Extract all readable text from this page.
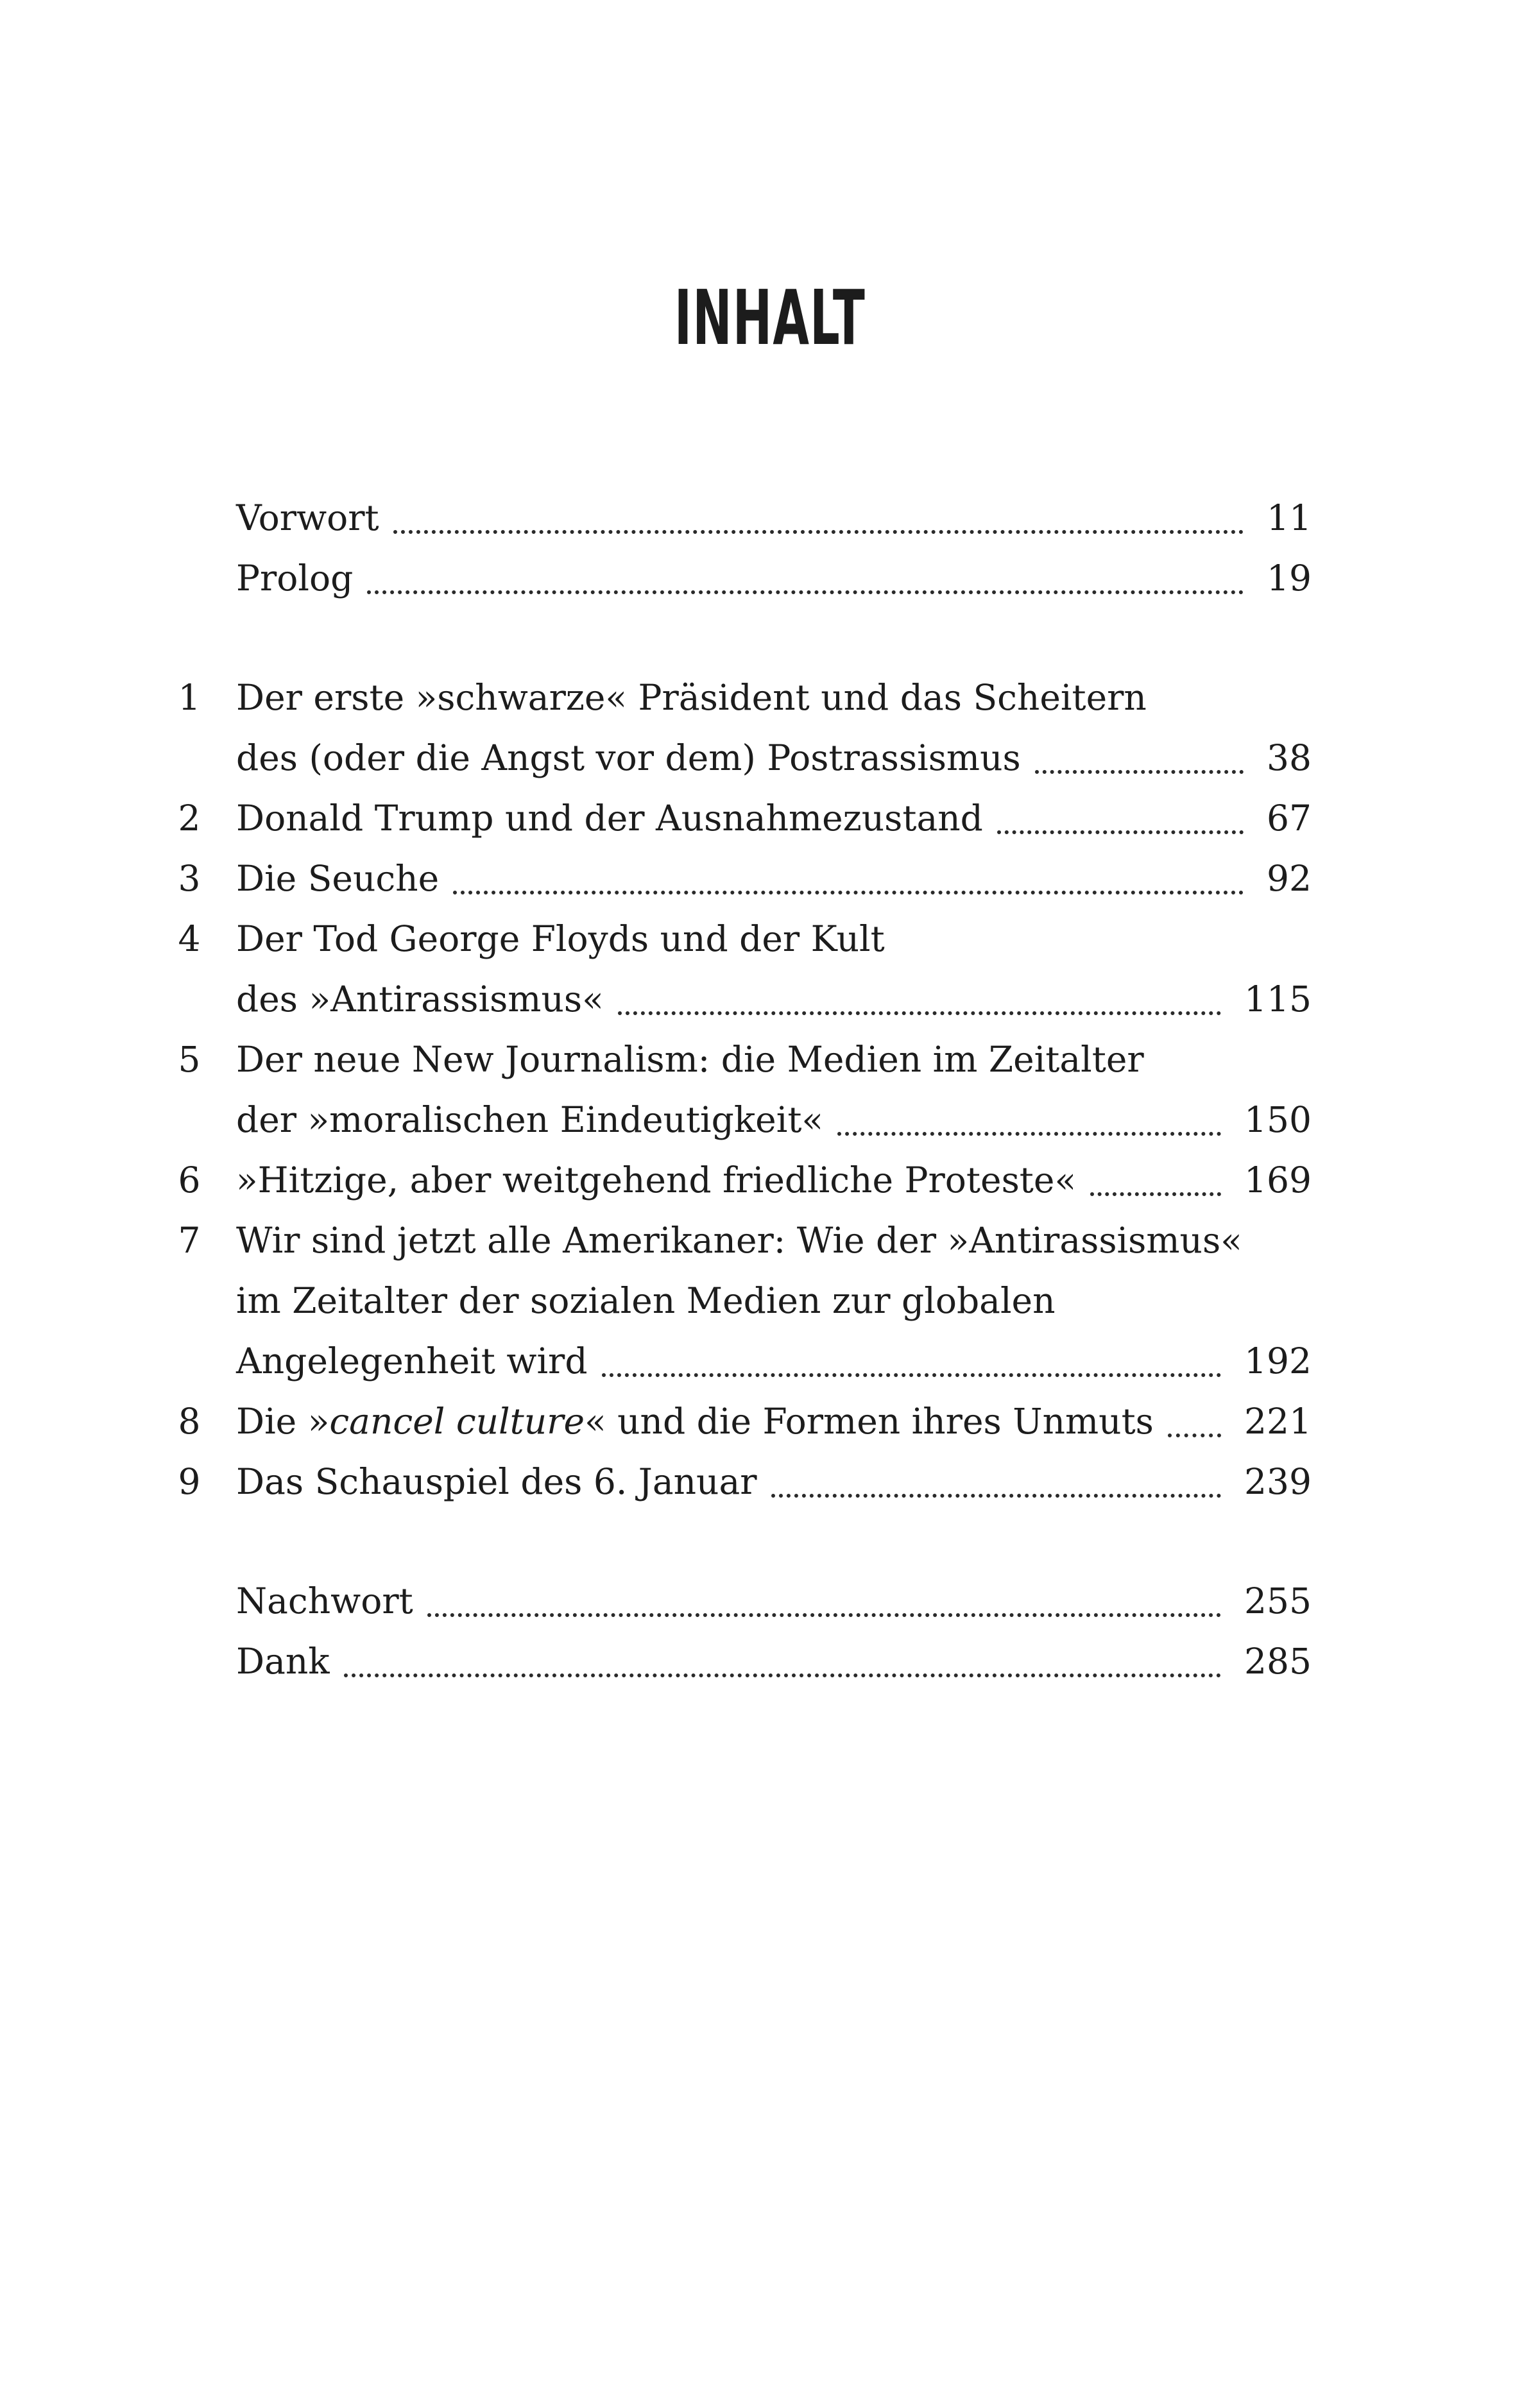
INHALT
Vorwort	11
Prolog	19
1	Der erste »schwarze« Präsident und das Scheitern
des (oder die Angst vor dem) Postrassismus	38
2	Donald Trump und der Ausnahmezustand	67
3	Die Seuche	92
4	Der Tod George Floyds und der Kult
des »Antirassismus«	115
5	Der neue New Journalism: die Medien im Zeitalter
der »moralischen Eindeutigkeit«	150
6	»Hitzige, aber weitgehend friedliche Proteste«	169
7	Wir sind jetzt alle Amerikaner: Wie der »Antirassismus«
im Zeitalter der sozialen Medien zur globalen
Angelegenheit wird	192
8	Die »cancel culture« und die Formen ihres Unmuts	221
9	Das Schauspiel des 6. Januar	239
Nachwort	255
Dank	285
